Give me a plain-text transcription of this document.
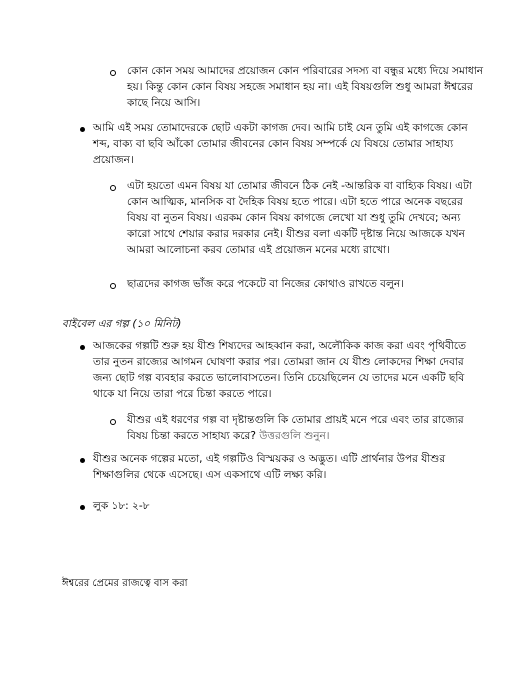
কোন কোন সময় আমাদের প্রয়োজন কোন পরিবারের সদস্য বা বন্ধুর মধ্যে দিয়ে সমাধান হয়। কিন্তু কোন কোন বিষয় সহজে সমাধান হয় না। এই বিষয়গুলি শুধু আমরা ঈশ্বরের কাছে নিয়ে আসি।

আমি এই সময় তোমাদেরকে ছোট একটা কাগজ দেব। আমি চাই যেন তুমি এই কাগজে কোন শব্দ, বাক্য বা ছবি আঁকো তোমার জীবনের কোন বিষয় সম্পর্কে যে বিষয়ে তোমার সাহায্য প্রয়োজন।

এটা হয়তো এমন বিষয় যা তোমার জীবনে ঠিক নেই -আন্তরিক বা বাহ্যিক বিষয়। এটা কোন আত্মিক, মানসিক বা দৈহিক বিষয় হতে পারে। এটা হতে পারে অনেক বছরের বিষয় বা নুতন বিষয়। এরকম কোন বিষয় কাগজে লেখো যা শুধু তুমি দেখবে; অন্য কারো সাথে শেয়ার করার দরকার নেই। যীশুর বলা একটি দৃষ্টান্ত নিয়ে আজকে যখন আমরা আলোচনা করব তোমার এই প্রয়োজন মনের মধ্যে রাখো।

ছাত্রদের কাগজ ভাঁজ করে পকেটে বা নিজের কোথাও রাখতে বলুন।

বাইবেল এর গল্প (১০ মিনিট)

আজকের গল্পটি শুরু হয় যীশু শিষ্যদের আহব্বান করা, অলৌকিক কাজ করা এবং পৃথিবীতে তার নুতন রাজ্যের আগমন ঘোষণা করার পর। তোমরা জান যে যীশু লোকদের শিক্ষা দেবার জন্য ছোট গল্প ব্যবহার করতে ভালোবাসতেন। তিনি চেয়েছিলেন যে তাদের মনে একটি ছবি থাকে যা নিয়ে তারা পরে চিন্তা করতে পারে।

যীশুর এই ধরণের গল্প বা দৃষ্টান্তগুলি কি তোমার প্রায়ই মনে পরে এবং তার রাজ্যের বিষয় চিন্তা করতে সাহায্য করে? উত্তরগুলি শুনুন।

যীশুর অনেক গল্পের মতো, এই গল্পটিও বিস্ময়কর ও অদ্ভুত। এটি প্রার্থনার উপর যীশুর শিক্ষাগুলির থেকে এসেছে। এস একসাথে এটি লক্ষ্য করি।

লুক ১৮: ২-৮

ঈশ্বরের প্রেমের রাজত্বে বাস করা
